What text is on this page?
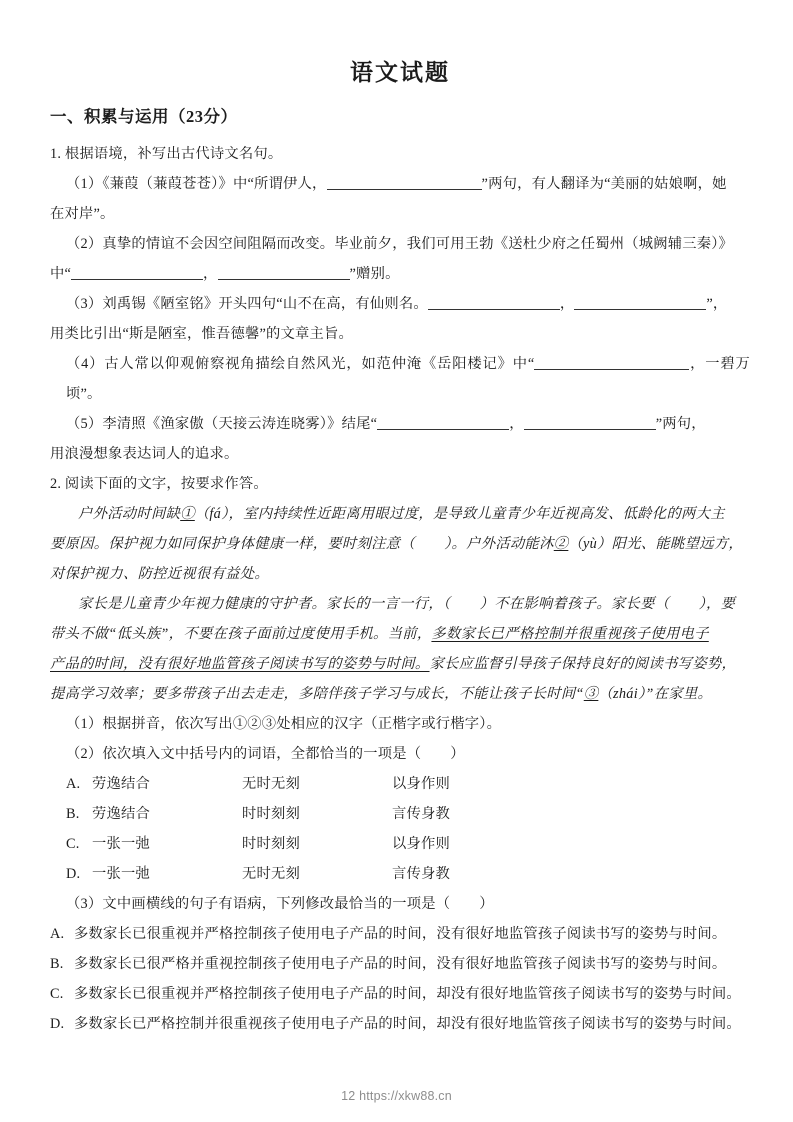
语文试题
一、积累与运用（23分）
1. 根据语境，补写出古代诗文名句。
（1）《蒹葭（蒹葭苍苍）》中“所谓伊人，	”两句，有人翻译为“美丽的姑娘啊，她
在对岸”。
（2）真挚的情谊不会因空间阻隔而改变。毕业前夕，我们可用王勃《送杜少府之任蜀州（城阙辅三秦）》
中“	，	”赠别。
（3）刘禹锡《陋室铭》开头四句“山不在高，有仙则名。	，	”，
用类比引出“斯是陋室，惟吾德馨”的文章主旨。
（4）古人常以仰观俯察视角描绘自然风光，如范仲淹《岳阳楼记》中“	，一碧万顷”。
（5）李清照《渔家傲（天接云涛连晓雾）》结尾“	，	”两句，
用浪漫想象表达词人的追求。
2. 阅读下面的文字，按要求作答。
户外活动时间缺①（fá），室内持续性近距离用眼过度，是导致儿童青少年近视高发、低龄化的两大主
要原因。保护视力如同保护身体健康一样，要时刻注意（　　）。户外活动能沐②（yù）阳光、能眺望远方，
对保护视力、防控近视很有益处。
家长是儿童青少年视力健康的守护者。家长的一言一行，（　　）不在影响着孩子。家长要（　　），要
带头不做“低头族”，不要在孩子面前过度使用手机。当前，多数家长已严格控制并很重视孩子使用电子
产品的时间，没有很好地监管孩子阅读书写的姿势与时间。家长应监督引导孩子保持良好的阅读书写姿势，
提高学习效率；要多带孩子出去走走，多陪伴孩子学习与成长，不能让孩子长时间“③（zhái）”在家里。
（1）根据拼音，依次写出①②③处相应的汉字（正楷字或行楷字）。
（2）依次填入文中括号内的词语，全都恰当的一项是（　　）
A. 劳逸结合	无时无刻	以身作则
B. 劳逸结合	时时刻刻	言传身教
C. 一张一弛	时时刻刻	以身作则
D. 一张一弛	无时无刻	言传身教
（3）文中画横线的句子有语病，下列修改最恰当的一项是（　　）
A. 多数家长已很重视并严格控制孩子使用电子产品的时间，没有很好地监管孩子阅读书写的姿势与时间。
B. 多数家长已很严格并重视控制孩子使用电子产品的时间，没有很好地监管孩子阅读书写的姿势与时间。
C. 多数家长已很重视并严格控制孩子使用电子产品的时间，却没有很好地监管孩子阅读书写的姿势与时间。
D. 多数家长已严格控制并很重视孩子使用电子产品的时间，却没有很好地监管孩子阅读书写的姿势与时间。
12 https://xkw88.cn
